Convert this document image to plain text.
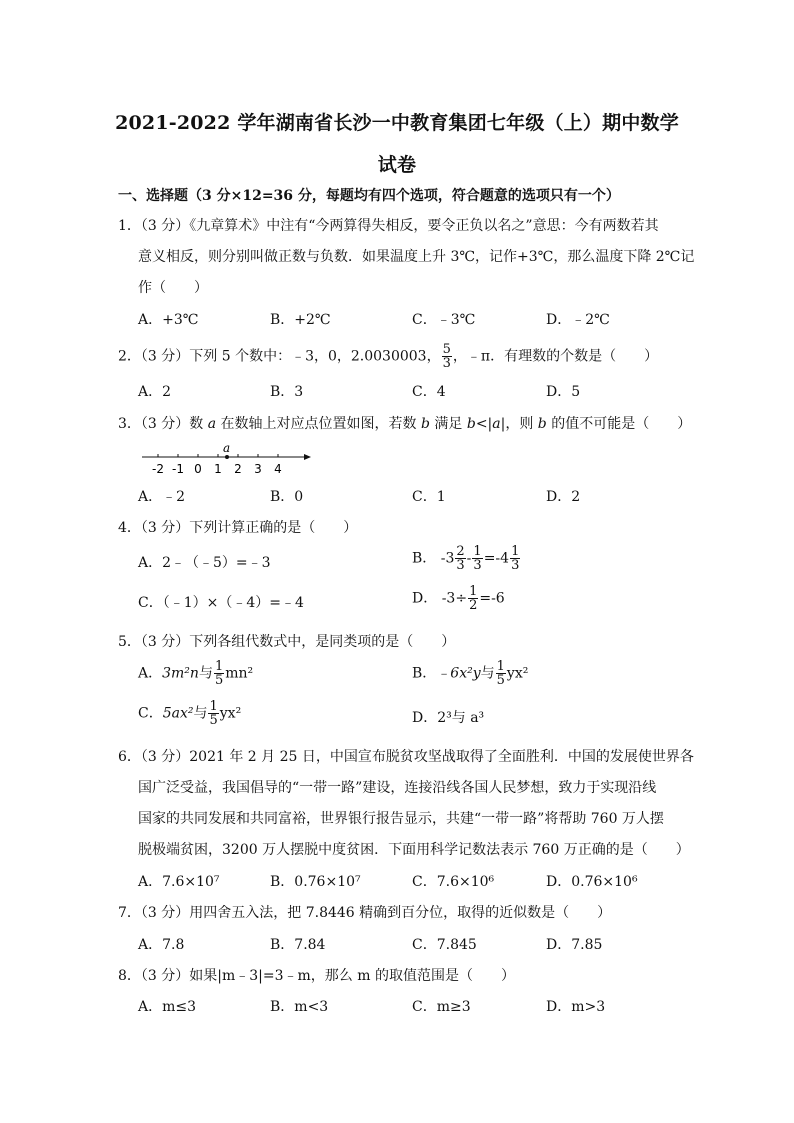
2021-2022 学年湖南省长沙一中教育集团七年级（上）期中数学
试卷
一、选择题（3 分×12=36 分，每题均有四个选项，符合题意的选项只有一个）
1．（3 分）《九章算术》中注有“今两算得失相反，要令正负以名之”意思：今有两数若其
意义相反，则分别叫做正数与负数．如果温度上升 3℃，记作+3℃，那么温度下降 2℃记
作（　　）
A．+3℃	B．+2℃	C．﹣3℃	D．﹣2℃
2．（3 分）下列 5 个数中：﹣3，0，2.0030003， $\frac{5}{3}$ ，﹣π．有理数的个数是（　　）
A．2	B．3	C．4	D．5
3．（3 分）数 a 在数轴上对应点位置如图，若数 b 满足 b<|a|，则 b 的值不可能是（　　）
-2 -1 0 1 2 3 4
a
A．﹣2	B．0	C．1	D．2
4．（3 分）下列计算正确的是（　　）
A．2﹣（﹣5）=﹣3	B． $-3 \frac{2}{3} - \frac{1}{3} =-4 \frac{1}{3}$
C．（﹣1）×（﹣4）=﹣4	D． $-3\div \frac{1}{2} =-6$
5．（3 分）下列各组代数式中，是同类项的是（　　）
A．3m²n与 $\frac{1}{5} mn^2$	B．﹣6x²y与 $\frac{1}{5} yx^2$
C．5ax²与 $\frac{1}{5} yx^2$	D．2³与 a³
6．（3 分）2021 年 2 月 25 日，中国宣布脱贫攻坚战取得了全面胜利．中国的发展使世界各
国广泛受益，我国倡导的“一带一路”建设，连接沿线各国人民梦想，致力于实现沿线
国家的共同发展和共同富裕，世界银行报告显示，共建“一带一路”将帮助 760 万人摆
脱极端贫困，3200 万人摆脱中度贫困．下面用科学记数法表示 760 万正确的是（　　）
A．7.6×10⁷	B．0.76×10⁷	C．7.6×10⁶	D．0.76×10⁶
7．（3 分）用四舍五入法，把 7.8446 精确到百分位，取得的近似数是（　　）
A．7.8	B．7.84	C．7.845	D．7.85
8．（3 分）如果|m﹣3|=3﹣m，那么 m 的取值范围是（　　）
A．m≤3	B．m<3	C．m≥3	D．m>3
